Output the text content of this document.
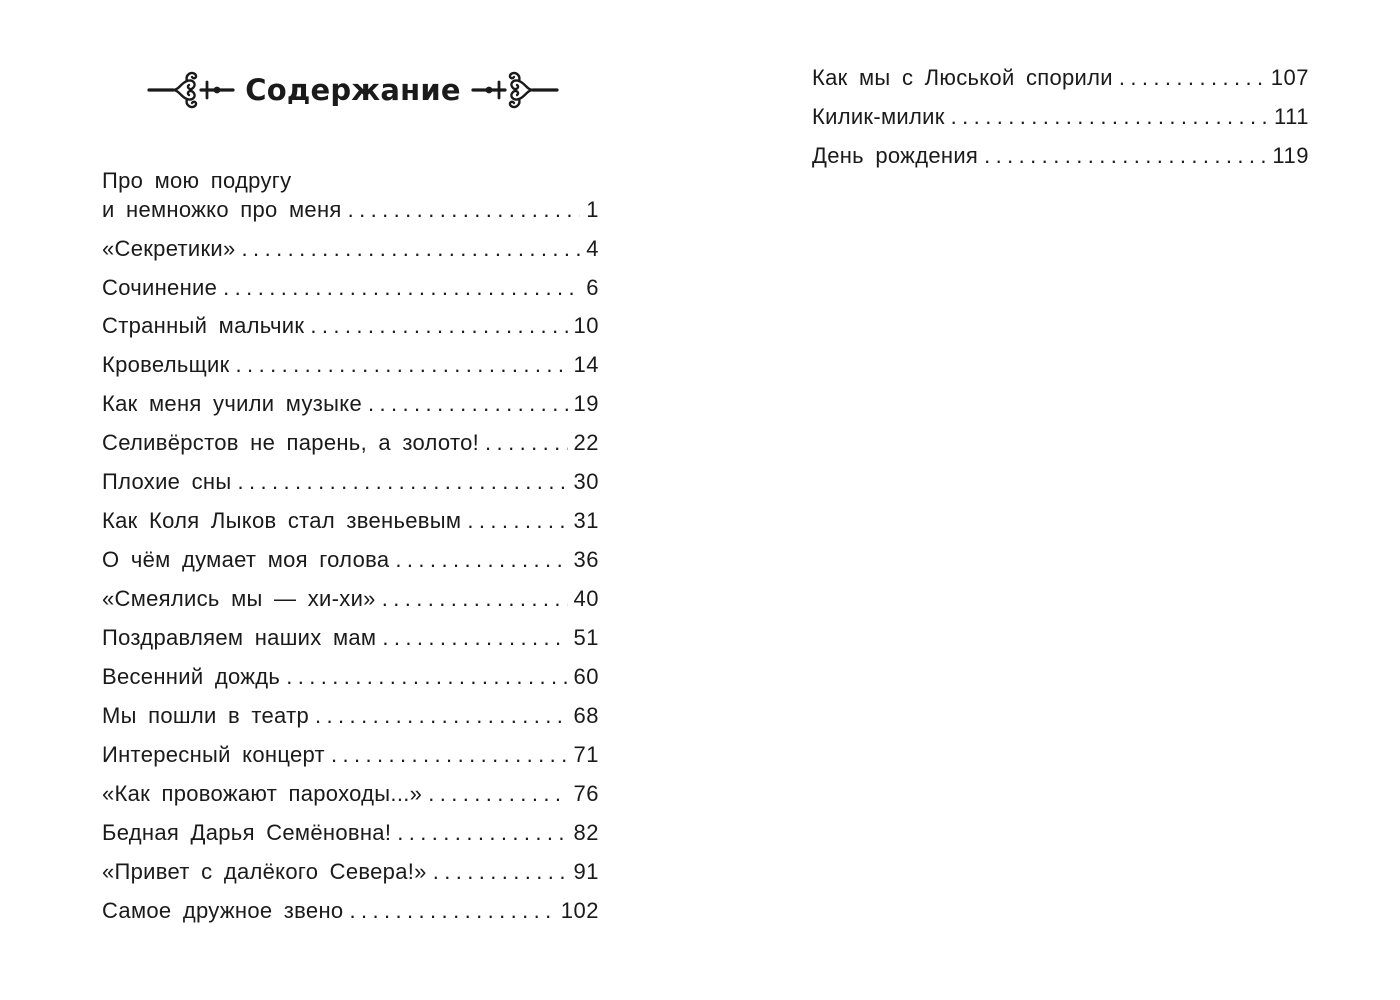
Содержание
Про мою подругу
и немножко про меня .....	1
«Секретики» .....	4
Сочинение .....	6
Странный мальчик .....	10
Кровельщик .....	14
Как меня учили музыке .....	19
Селивёрстов не парень, а золото! .....	22
Плохие сны .....	30
Как Коля Лыков стал звеньевым .....	31
О чём думает моя голова .....	36
«Смеялись мы — хи-хи» .....	40
Поздравляем наших мам .....	51
Весенний дождь .....	60
Мы пошли в театр .....	68
Интересный концерт .....	71
«Как провожают пароходы...» .....	76
Бедная Дарья Семёновна! .....	82
«Привет с далёкого Севера!» .....	91
Самое дружное звено .....	102
Как мы с Люськой спорили .....	107
Килик-милик .....	111
День рождения .....	119
